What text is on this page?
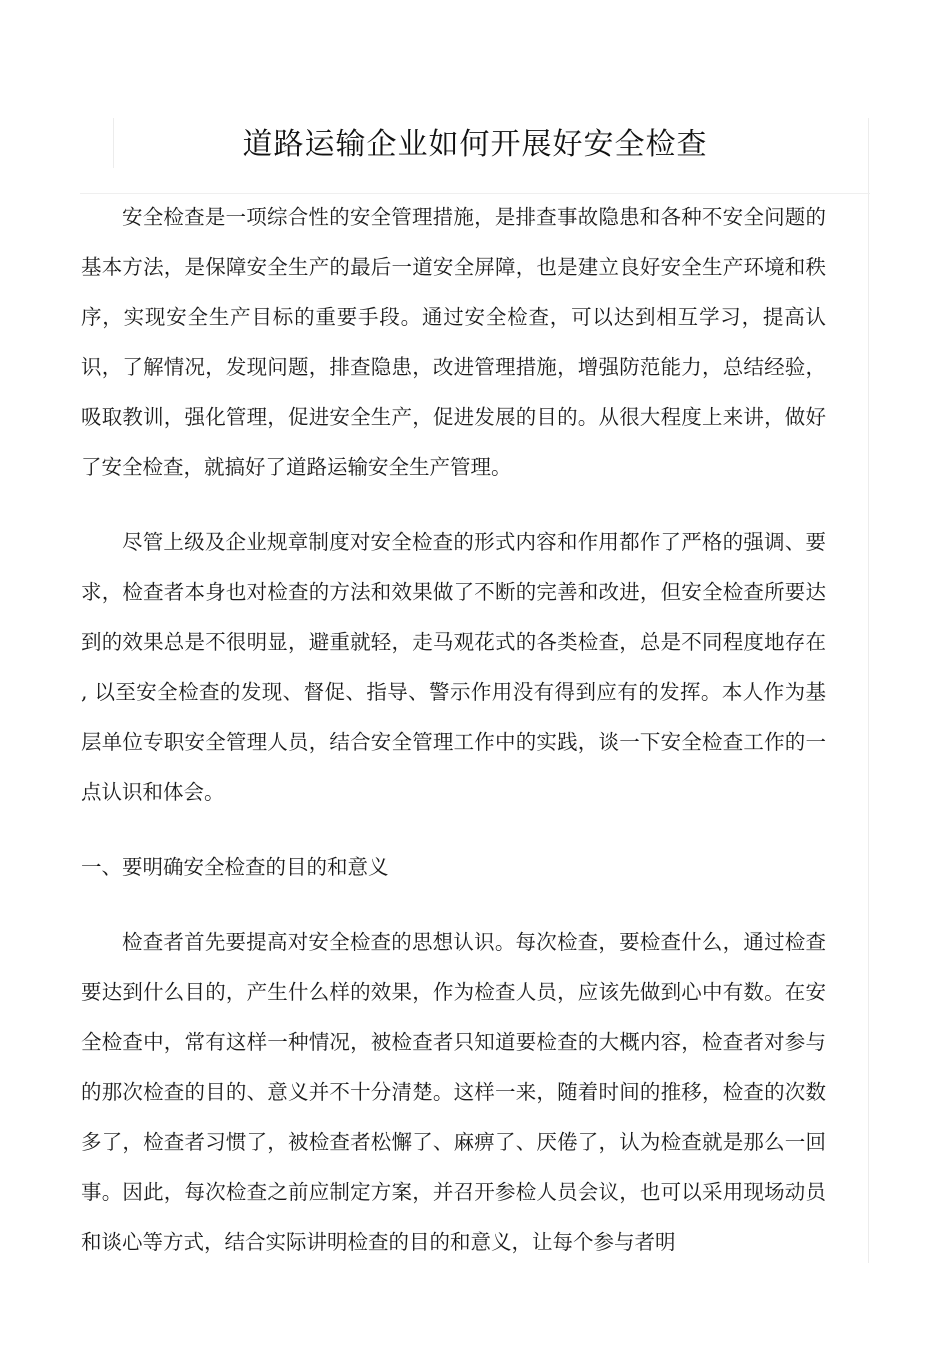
道路运输企业如何开展好安全检查

安全检查是一项综合性的安全管理措施，是排查事故隐患和各种不安全问题的基本方法，是保障安全生产的最后一道安全屏障，也是建立良好安全生产环境和秩序，实现安全生产目标的重要手段。通过安全检查，可以达到相互学习，提高认识，了解情况，发现问题，排查隐患，改进管理措施，增强防范能力，总结经验，吸取教训，强化管理，促进安全生产，促进发展的目的。从很大程度上来讲，做好了安全检查，就搞好了道路运输安全生产管理。

尽管上级及企业规章制度对安全检查的形式内容和作用都作了严格的强调、要求，检查者本身也对检查的方法和效果做了不断的完善和改进，但安全检查所要达到的效果总是不很明显，避重就轻，走马观花式的各类检查，总是不同程度地存在 , 以至安全检查的发现、督促、指导、警示作用没有得到应有的发挥。本人作为基层单位专职安全管理人员，结合安全管理工作中的实践，谈一下安全检查工作的一点认识和体会。

一、要明确安全检查的目的和意义

检查者首先要提高对安全检查的思想认识。每次检查，要检查什么，通过检查要达到什么目的，产生什么样的效果，作为检查人员，应该先做到心中有数。在安全检查中，常有这样一种情况，被检查者只知道要检查的大概内容，检查者对参与的那次检查的目的、意义并不十分清楚。这样一来，随着时间的推移，检查的次数多了，检查者习惯了，被检查者松懈了、麻痹了、厌倦了，认为检查就是那么一回事。因此，每次检查之前应制定方案，并召开参检人员会议，也可以采用现场动员和谈心等方式，结合实际讲明检查的目的和意义，让每个参与者明
